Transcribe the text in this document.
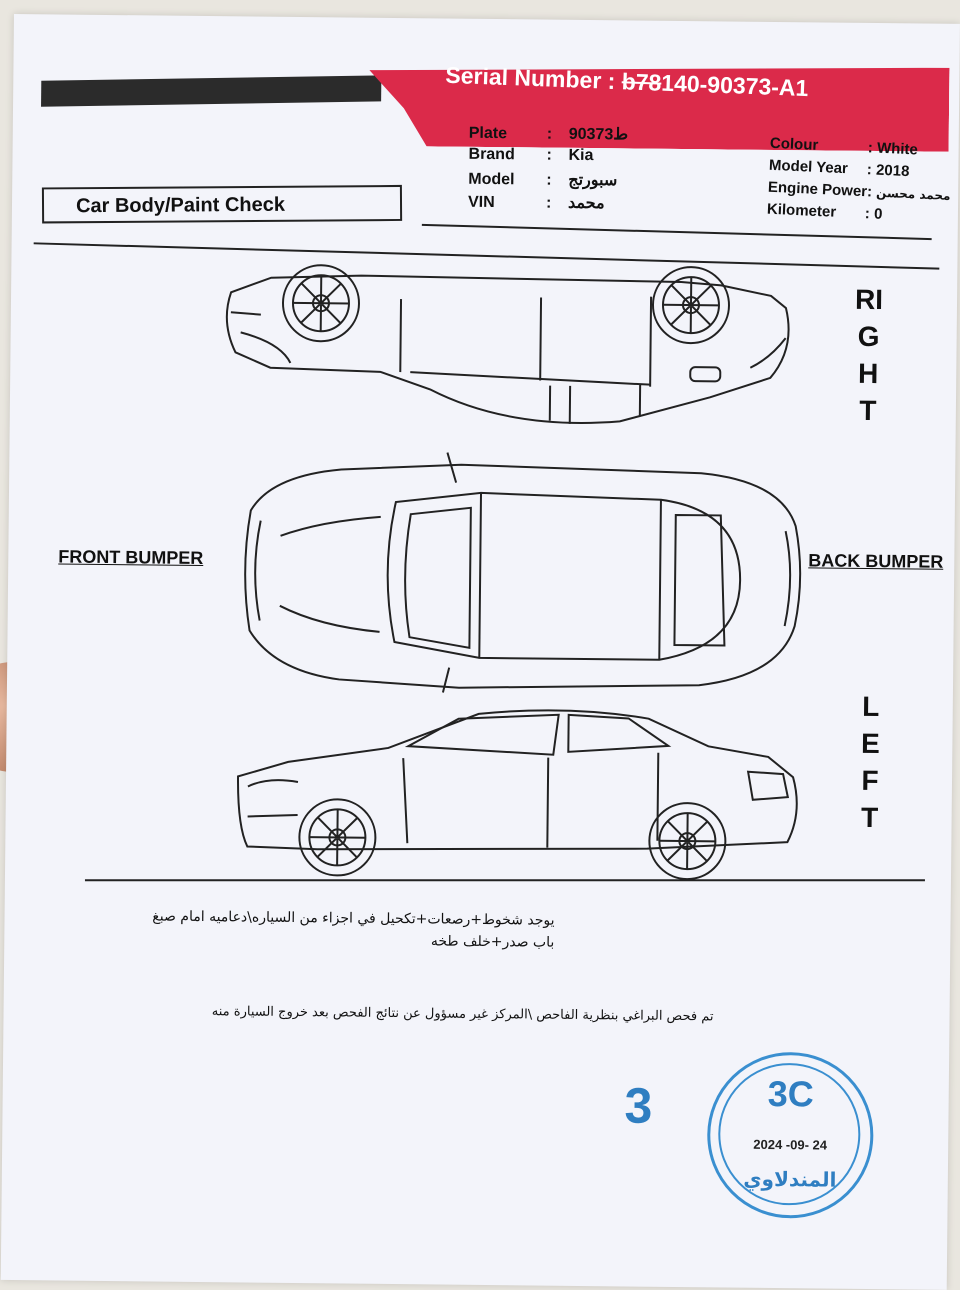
Serial Number : b78140-90373-A1
Plate : ط90373
Brand : Kia
Model : سبورتج
VIN	: محمد
Colour	: White
Model Year : 2018
Engine Power: محمد محسن
Kilometer : 0
Car Body/Paint Check
RIGHT
LEFT
FRONT BUMPER	BACK BUMPER
يوجد شخوط+رصعات+تكحيل في اجزاء من السياره\دعاميه امام صبغ
باب صدر+خلف طخه
تم فحص البراغي بنظرية الفاحص \المركز غير مسؤول عن نتائج الفحص بعد خروج السيارة منه
3	3C
2024 -09- 24
المندلاوي
